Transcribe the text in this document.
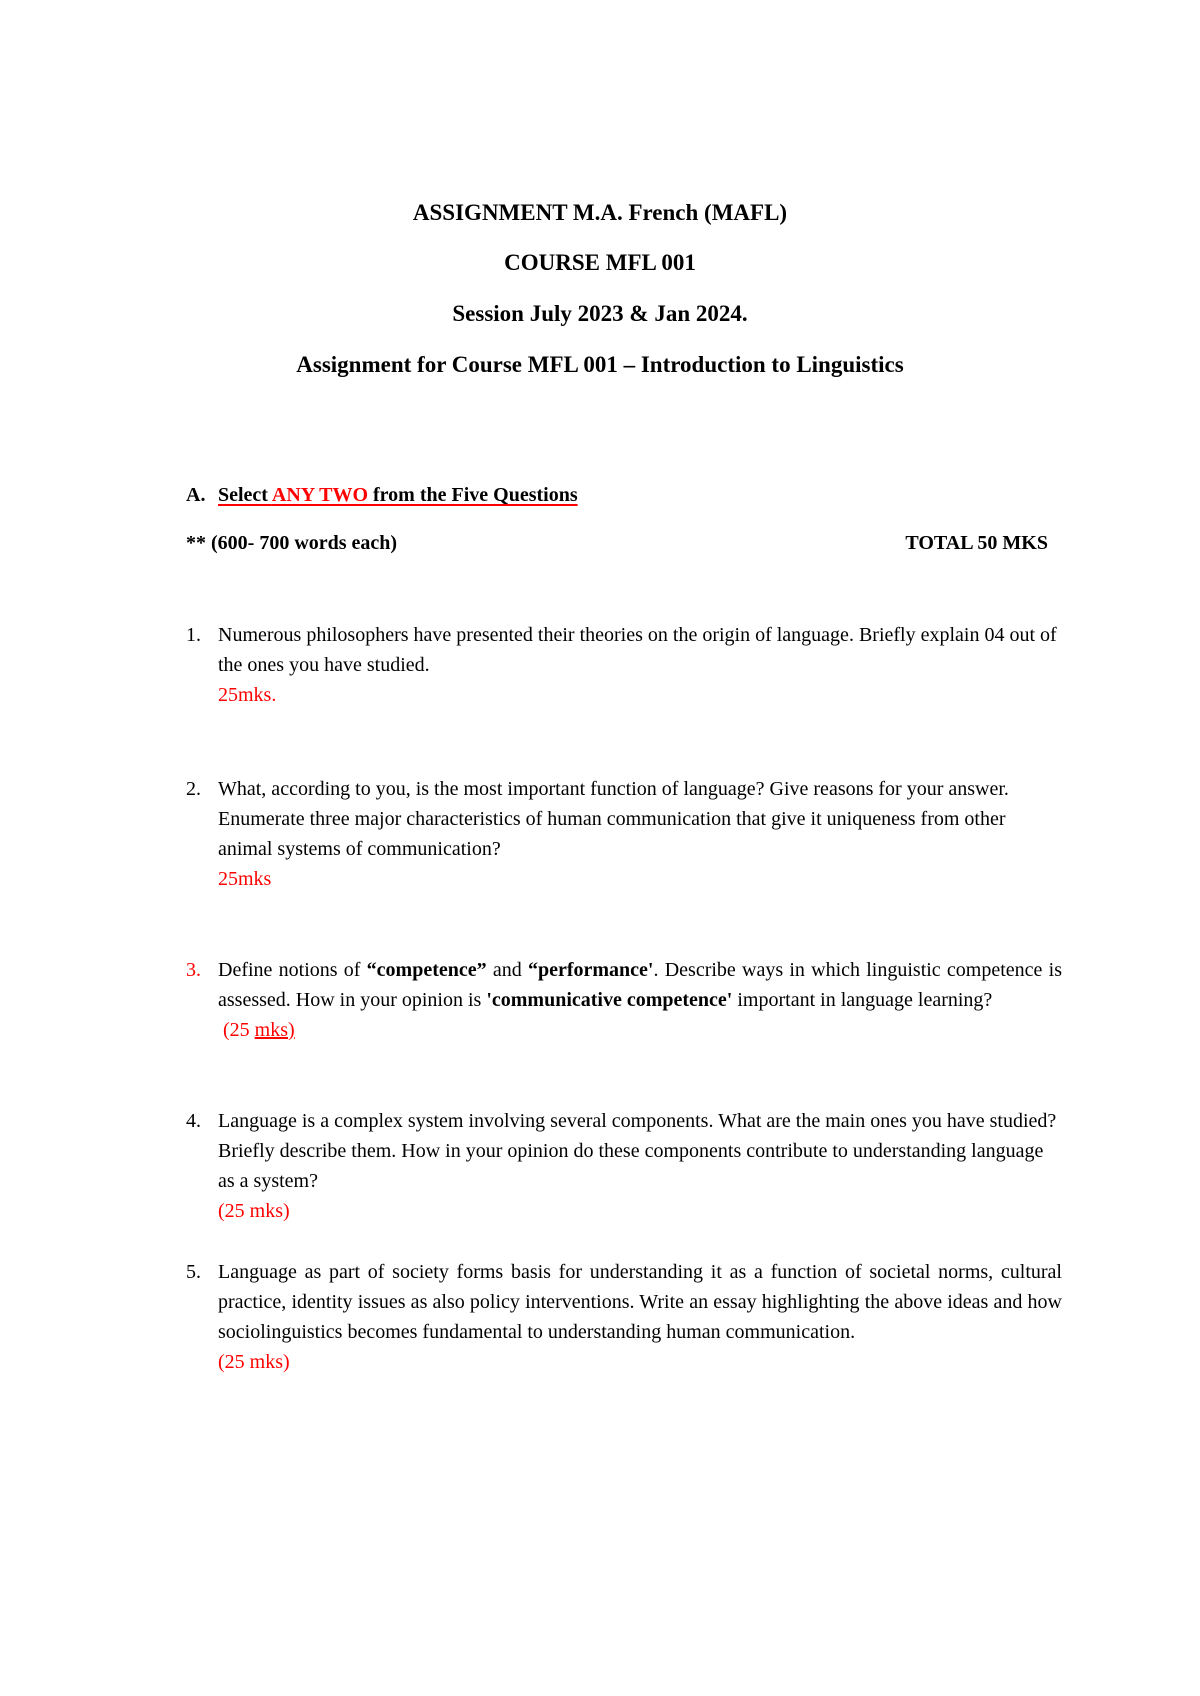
ASSIGNMENT M.A. French (MAFL)
COURSE MFL 001
Session July 2023 & Jan 2024.
Assignment for Course MFL 001 – Introduction to Linguistics
A. Select ANY TWO from the Five Questions
** (600- 700 words each)	TOTAL 50 MKS
1. Numerous philosophers have presented their theories on the origin of language. Briefly explain 04 out of the ones you have studied.
25mks.
2. What, according to you, is the most important function of language? Give reasons for your answer. Enumerate three major characteristics of human communication that give it uniqueness from other animal systems of communication?
25mks
3. Define notions of “competence” and “performance'. Describe ways in which linguistic competence is assessed. How in your opinion is 'communicative competence' important in language learning?
(25 mks)
4. Language is a complex system involving several components. What are the main ones you have studied? Briefly describe them. How in your opinion do these components contribute to understanding language as a system?
(25 mks)
5. Language as part of society forms basis for understanding it as a function of societal norms, cultural practice, identity issues as also policy interventions. Write an essay highlighting the above ideas and how sociolinguistics becomes fundamental to understanding human communication.
(25 mks)
